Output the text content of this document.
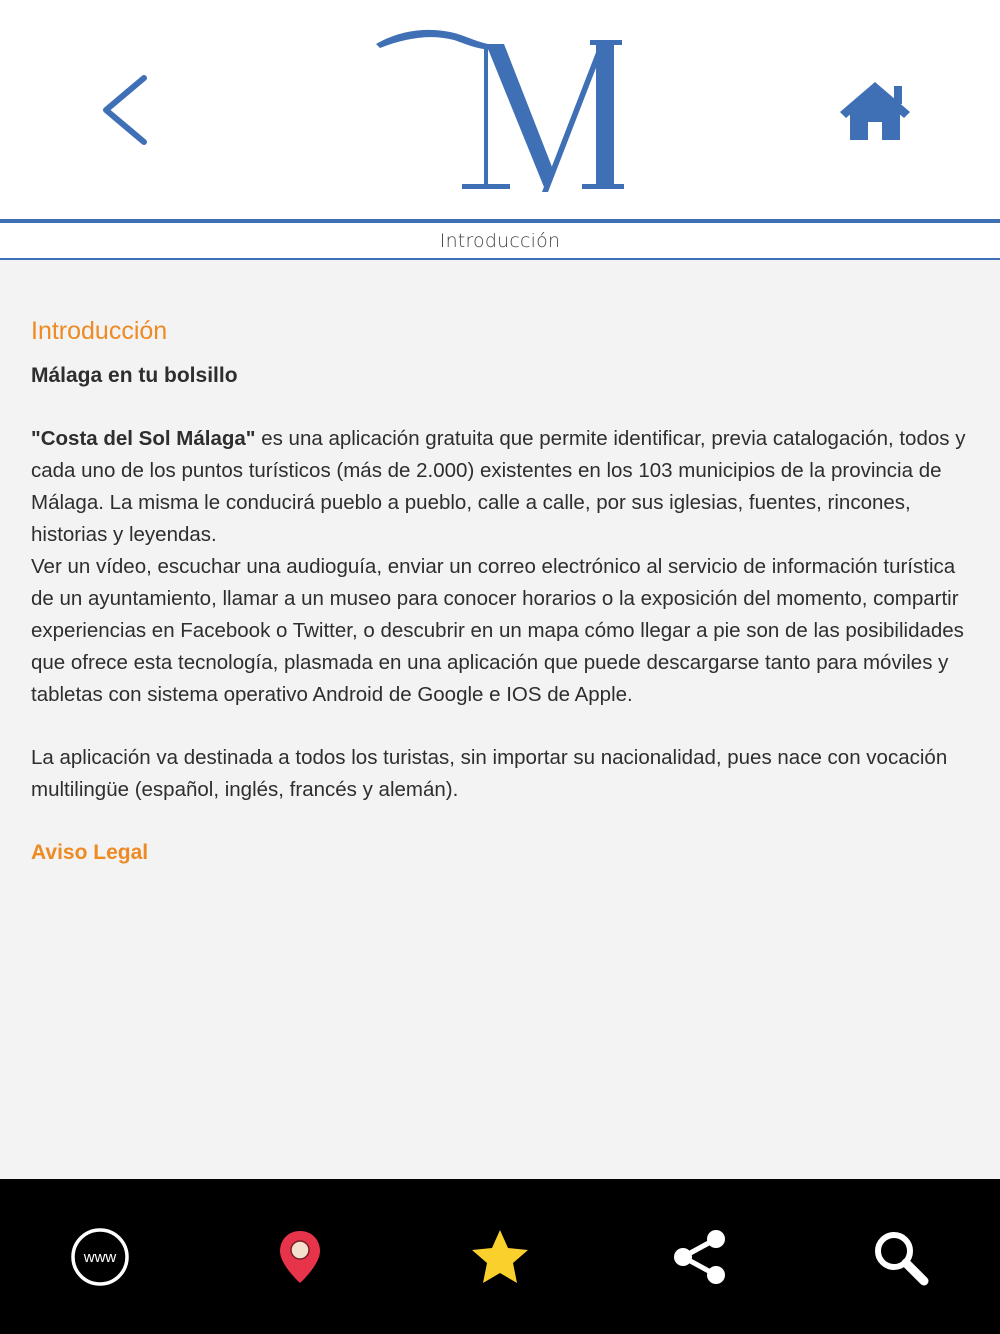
Introducción
Introducción
Málaga en tu bolsillo

"Costa del Sol Málaga" es una aplicación gratuita que permite identificar, previa catalogación, todos y cada uno de los puntos turísticos (más de 2.000) existentes en los 103 municipios de la provincia de Málaga. La misma le conducirá pueblo a pueblo, calle a calle, por sus iglesias, fuentes, rincones, historias y leyendas.

Ver un vídeo, escuchar una audioguía, enviar un correo electrónico al servicio de información turística de un ayuntamiento, llamar a un museo para conocer horarios o la exposición del momento, compartir experiencias en Facebook o Twitter, o descubrir en un mapa cómo llegar a pie son de las posibilidades que ofrece esta tecnología, plasmada en una aplicación que puede descargarse tanto para móviles y tabletas con sistema operativo Android de Google e IOS de Apple.

La aplicación va destinada a todos los turistas, sin importar su nacionalidad, pues nace con vocación multilingüe (español, inglés, francés y alemán).

Aviso Legal
www
